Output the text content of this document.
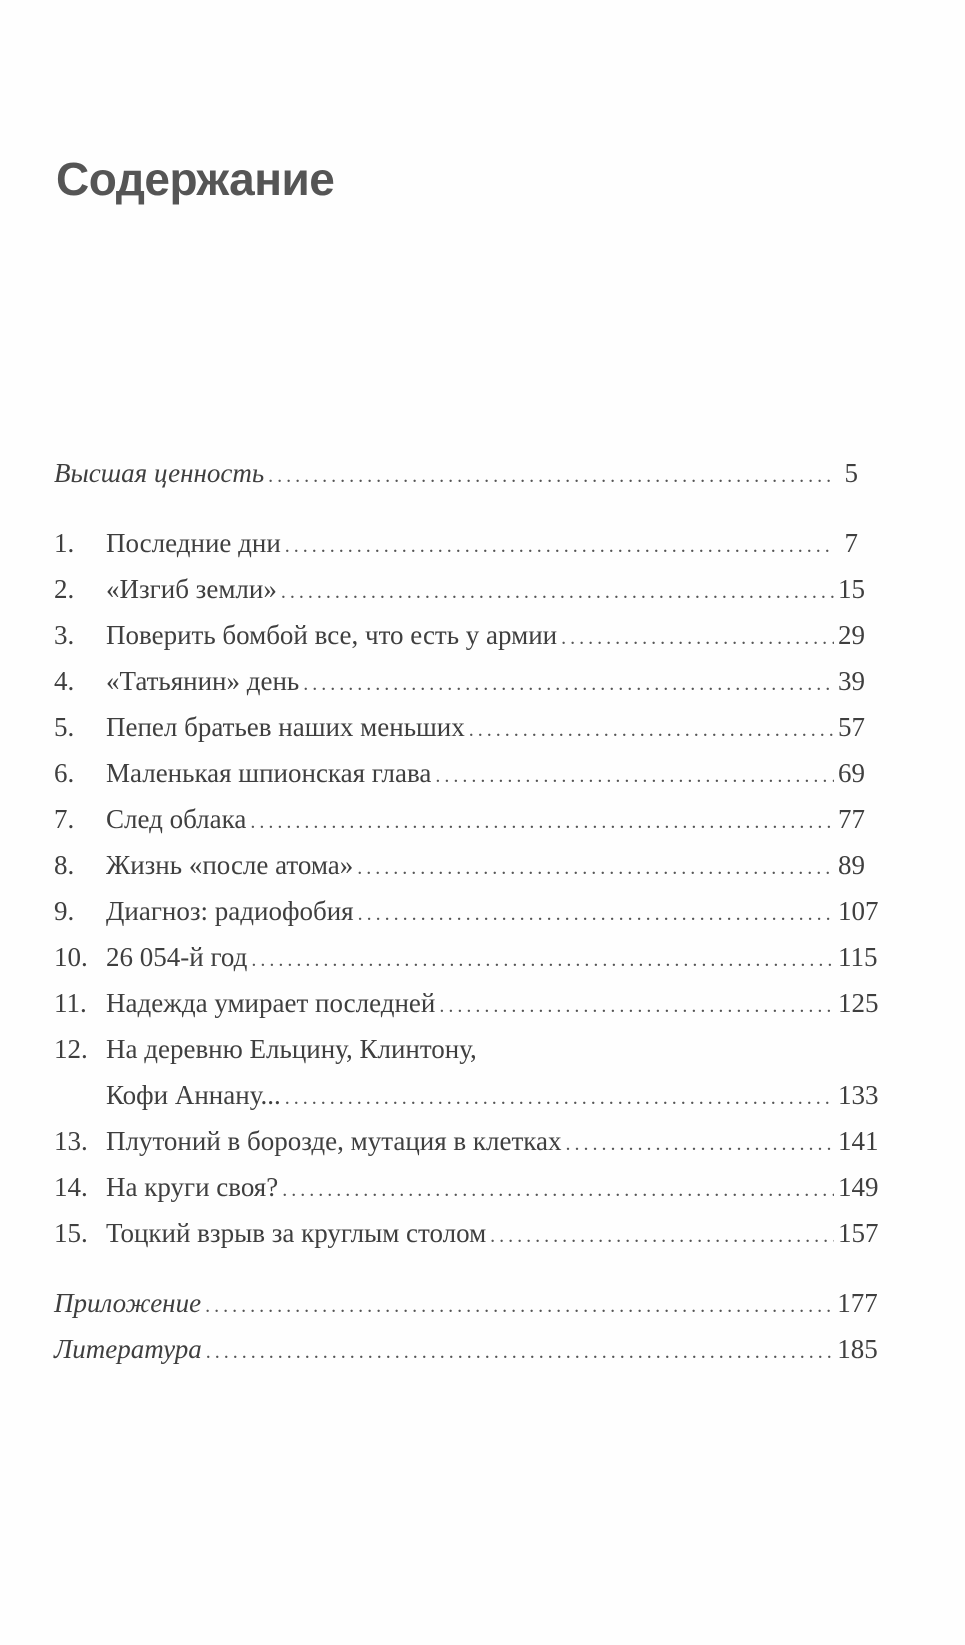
Содержание
Высшая ценность .....	5
1.	Последние дни .....	7
2.	«Изгиб земли» .....	15
3.	Поверить бомбой все, что есть у армии .....	29
4.	«Татьянин» день .....	39
5.	Пепел братьев наших меньших .....	57
6.	Маленькая шпионская глава .....	69
7.	След облака .....	77
8.	Жизнь «после атома» .....	89
9.	Диагноз: радиофобия .....	107
10. 26 054-й год .....	115
11. Надежда умирает последней .....	125
12. На деревню Ельцину, Клинтону,
Кофи Аннану... .....	133
13. Плутоний в борозде, мутация в клетках .....	141
14. На круги своя? .....	149
15. Тоцкий взрыв за круглым столом .....	157
Приложение .....	177
Литература .....	185
